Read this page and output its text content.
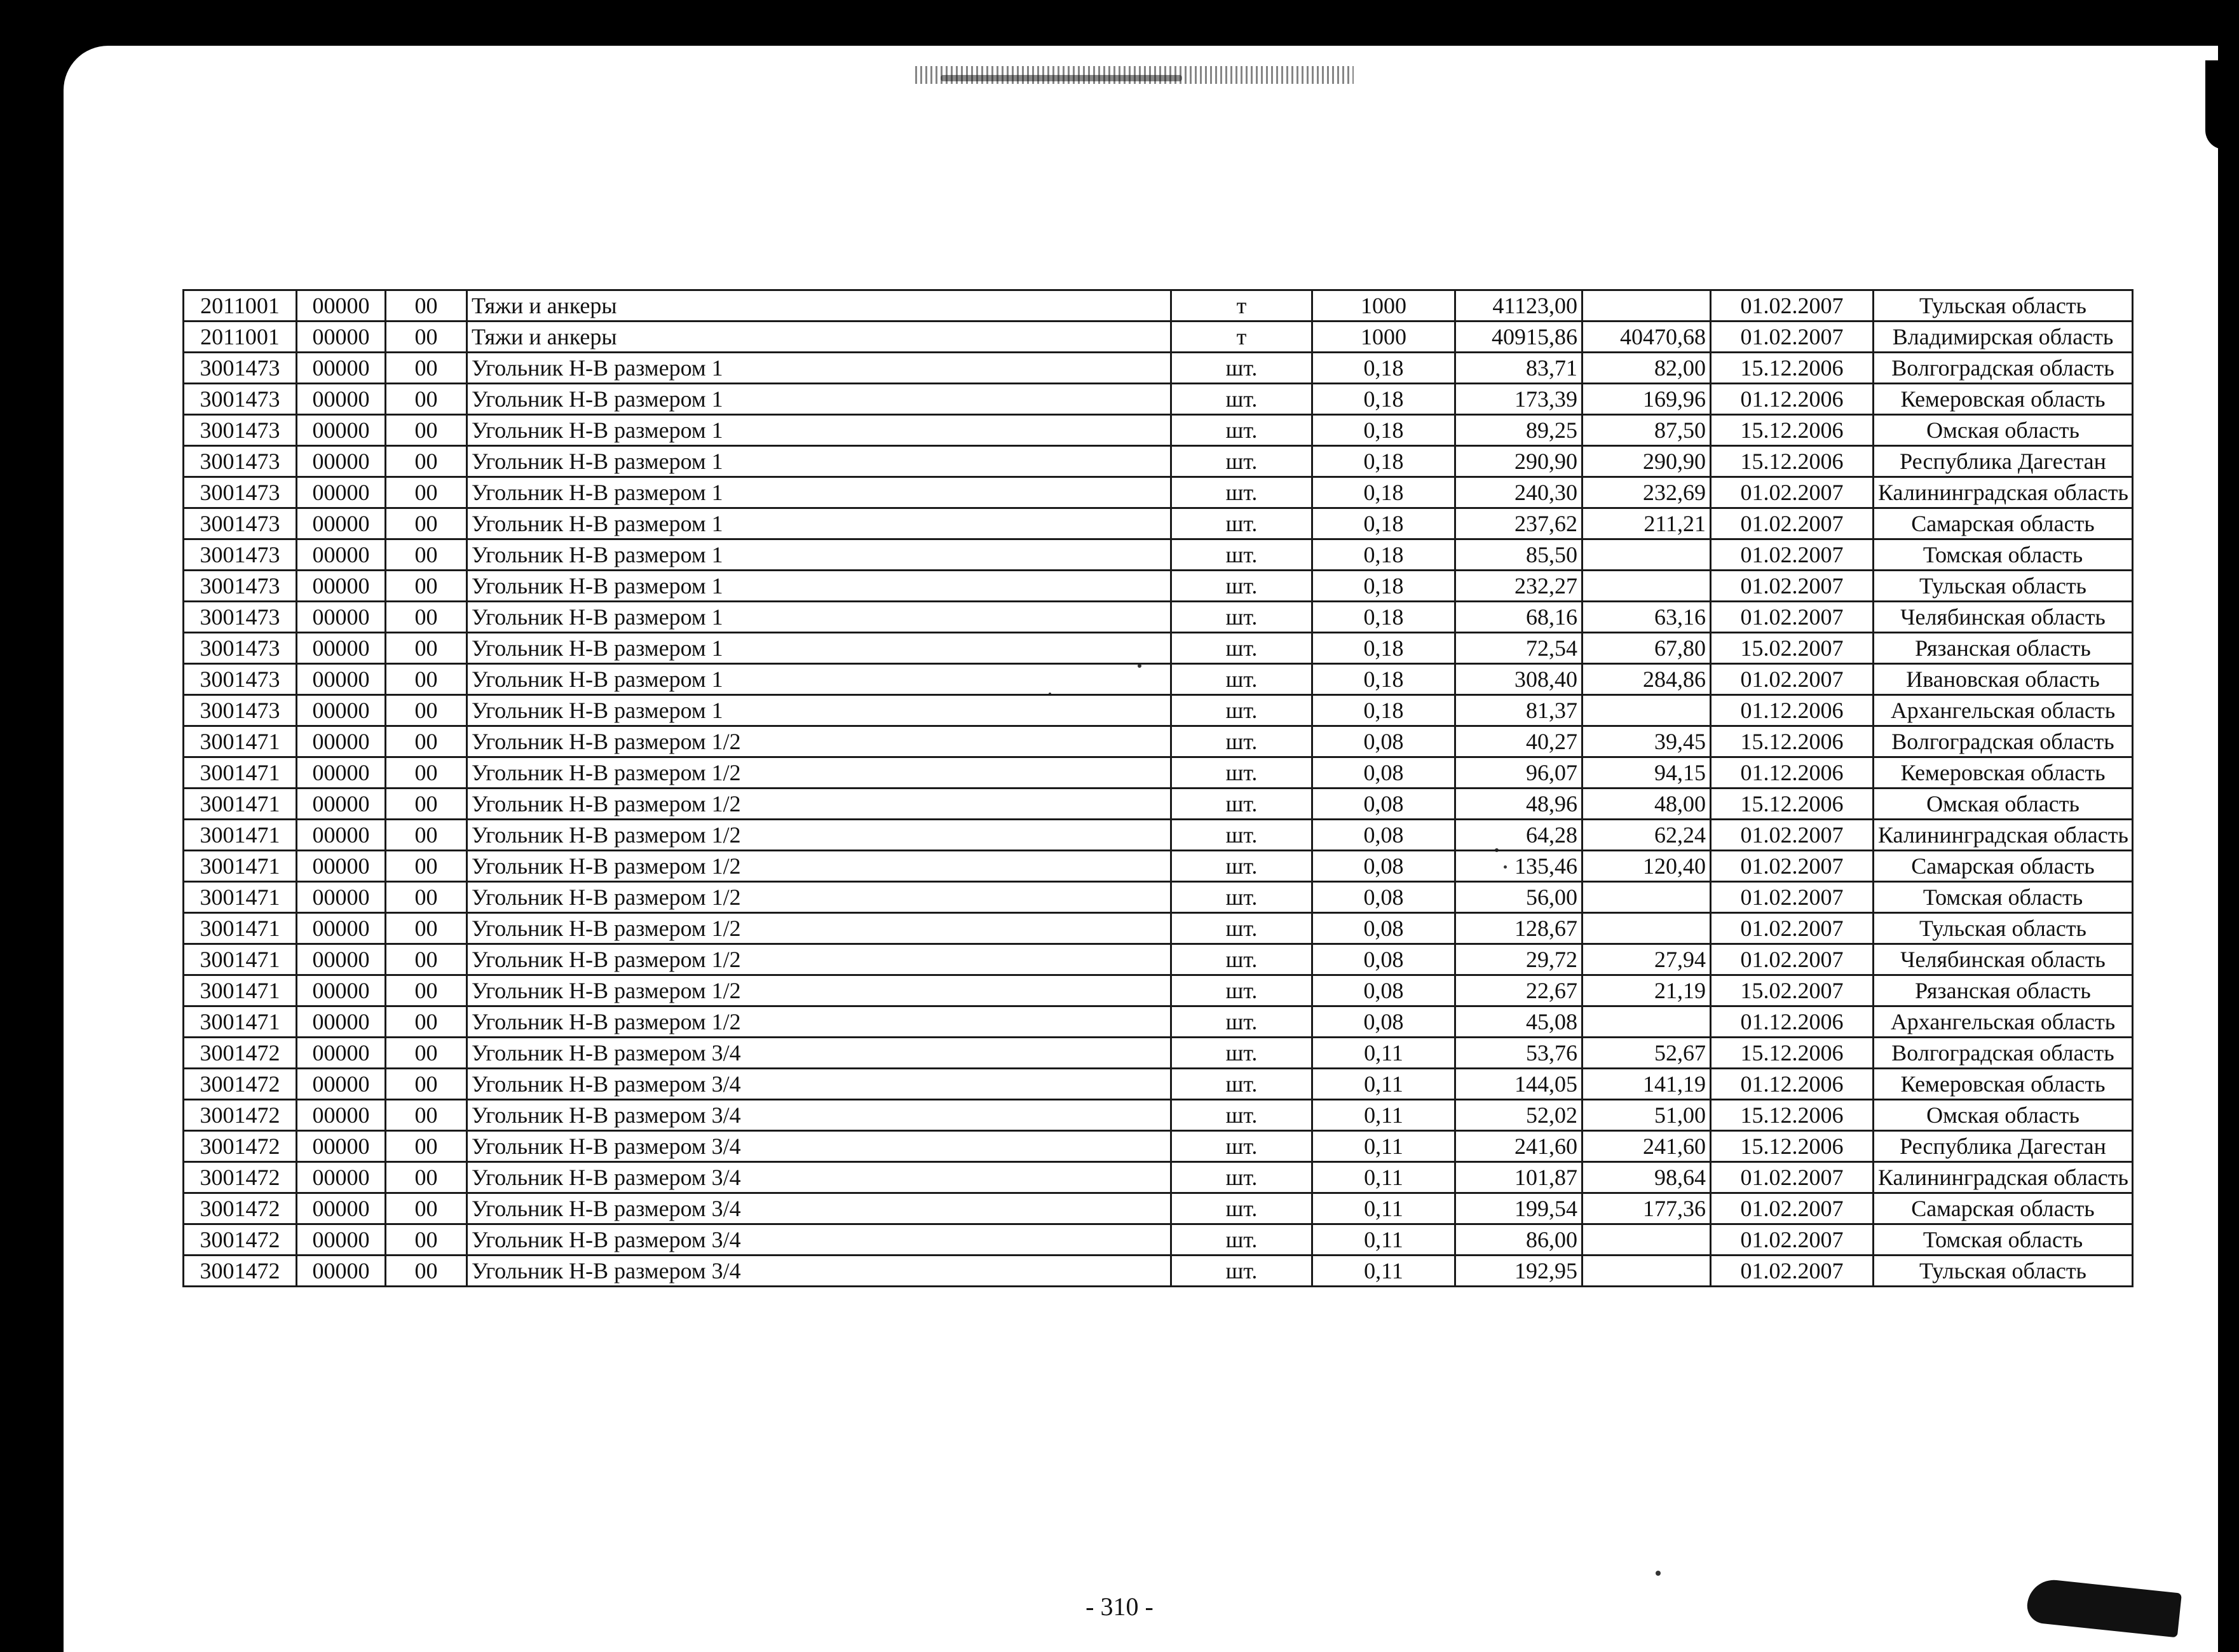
2011001	00000	00	Тяжи и анкеры	т	1000	41123,00		01.02.2007	Тульская область
2011001	00000	00	Тяжи и анкеры	т	1000	40915,86	40470,68	01.02.2007	Владимирская область
3001473	00000	00	Угольник Н-В размером 1	шт.	0,18	83,71	82,00	15.12.2006	Волгоградская область
3001473	00000	00	Угольник Н-В размером 1	шт.	0,18	173,39	169,96	01.12.2006	Кемеровская область
3001473	00000	00	Угольник Н-В размером 1	шт.	0,18	89,25	87,50	15.12.2006	Омская область
3001473	00000	00	Угольник Н-В размером 1	шт.	0,18	290,90	290,90	15.12.2006	Республика Дагестан
3001473	00000	00	Угольник Н-В размером 1	шт.	0,18	240,30	232,69	01.02.2007	Калининградская область
3001473	00000	00	Угольник Н-В размером 1	шт.	0,18	237,62	211,21	01.02.2007	Самарская область
3001473	00000	00	Угольник Н-В размером 1	шт.	0,18	85,50		01.02.2007	Томская область
3001473	00000	00	Угольник Н-В размером 1	шт.	0,18	232,27		01.02.2007	Тульская область
3001473	00000	00	Угольник Н-В размером 1	шт.	0,18	68,16	63,16	01.02.2007	Челябинская область
3001473	00000	00	Угольник Н-В размером 1	шт.	0,18	72,54	67,80	15.02.2007	Рязанская область
3001473	00000	00	Угольник Н-В размером 1	шт.	0,18	308,40	284,86	01.02.2007	Ивановская область
3001473	00000	00	Угольник Н-В размером 1	шт.	0,18	81,37		01.12.2006	Архангельская область
3001471	00000	00	Угольник Н-В размером 1/2	шт.	0,08	40,27	39,45	15.12.2006	Волгоградская область
3001471	00000	00	Угольник Н-В размером 1/2	шт.	0,08	96,07	94,15	01.12.2006	Кемеровская область
3001471	00000	00	Угольник Н-В размером 1/2	шт.	0,08	48,96	48,00	15.12.2006	Омская область
3001471	00000	00	Угольник Н-В размером 1/2	шт.	0,08	64,28	62,24	01.02.2007	Калининградская область
3001471	00000	00	Угольник Н-В размером 1/2	шт.	0,08	135,46	120,40	01.02.2007	Самарская область
3001471	00000	00	Угольник Н-В размером 1/2	шт.	0,08	56,00		01.02.2007	Томская область
3001471	00000	00	Угольник Н-В размером 1/2	шт.	0,08	128,67		01.02.2007	Тульская область
3001471	00000	00	Угольник Н-В размером 1/2	шт.	0,08	29,72	27,94	01.02.2007	Челябинская область
3001471	00000	00	Угольник Н-В размером 1/2	шт.	0,08	22,67	21,19	15.02.2007	Рязанская область
3001471	00000	00	Угольник Н-В размером 1/2	шт.	0,08	45,08		01.12.2006	Архангельская область
3001472	00000	00	Угольник Н-В размером 3/4	шт.	0,11	53,76	52,67	15.12.2006	Волгоградская область
3001472	00000	00	Угольник Н-В размером 3/4	шт.	0,11	144,05	141,19	01.12.2006	Кемеровская область
3001472	00000	00	Угольник Н-В размером 3/4	шт.	0,11	52,02	51,00	15.12.2006	Омская область
3001472	00000	00	Угольник Н-В размером 3/4	шт.	0,11	241,60	241,60	15.12.2006	Республика Дагестан
3001472	00000	00	Угольник Н-В размером 3/4	шт.	0,11	101,87	98,64	01.02.2007	Калининградская область
3001472	00000	00	Угольник Н-В размером 3/4	шт.	0,11	199,54	177,36	01.02.2007	Самарская область
3001472	00000	00	Угольник Н-В размером 3/4	шт.	0,11	86,00		01.02.2007	Томская область
3001472	00000	00	Угольник Н-В размером 3/4	шт.	0,11	192,95		01.02.2007	Тульская область
- 310 -
